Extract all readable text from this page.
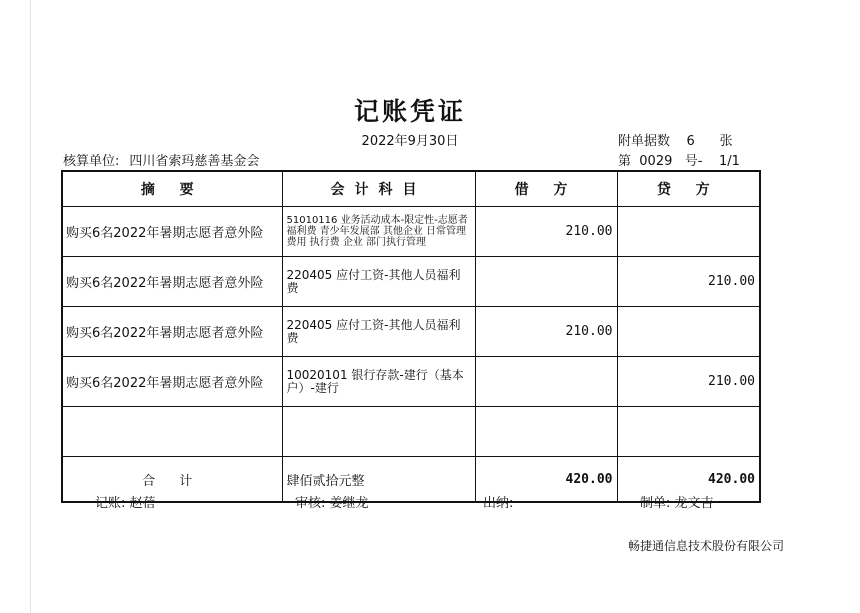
记账凭证
2022年9月30日	附单据数 6 张
核算单位: 四川省索玛慈善基金会	第 0029 号- 1/1
摘 要	会计科目	借 方	贷 方
购买6名2022年暑期志愿者意外险	51010116 业务活动成本-限定性-志愿者福利费 青少年发展部 其他企业 日常管理费用 执行费 企业 部门执行管理	210.00	
购买6名2022年暑期志愿者意外险	220405 应付工资-其他人员福利费		210.00
购买6名2022年暑期志愿者意外险	220405 应付工资-其他人员福利费	210.00	
购买6名2022年暑期志愿者意外险	10020101 银行存款-建行（基本户）-建行		210.00

合 计	肆佰贰拾元整	420.00	420.00
记账: 赵蓓	审核: 姜继龙	出纳:	制单: 龙文吉
畅捷通信息技术股份有限公司
